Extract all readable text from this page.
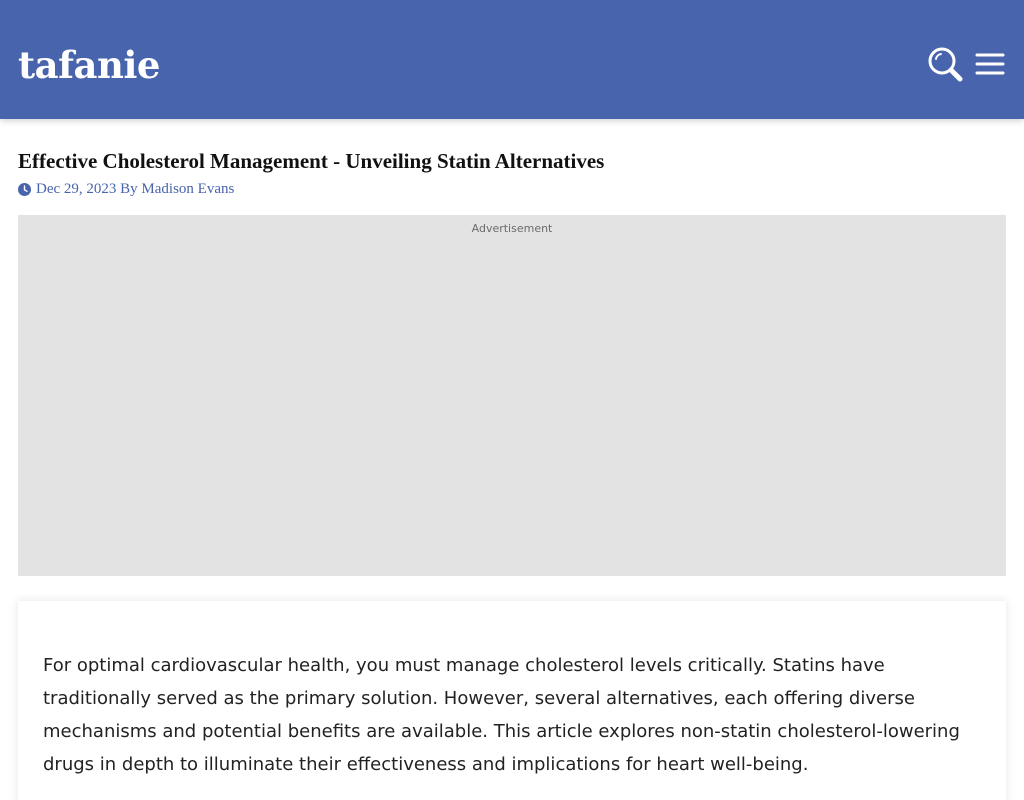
tafanie
Effective Cholesterol Management - Unveiling Statin Alternatives
Dec 29, 2023
By
Madison Evans
Advertisement

For optimal cardiovascular health, you must manage cholesterol levels critically. Statins have traditionally served as the primary solution. However, several alternatives, each offering diverse mechanisms and potential benefits are available. This article explores non-statin cholesterol-lowering drugs in depth to illuminate their effectiveness and implications for heart well-being.
